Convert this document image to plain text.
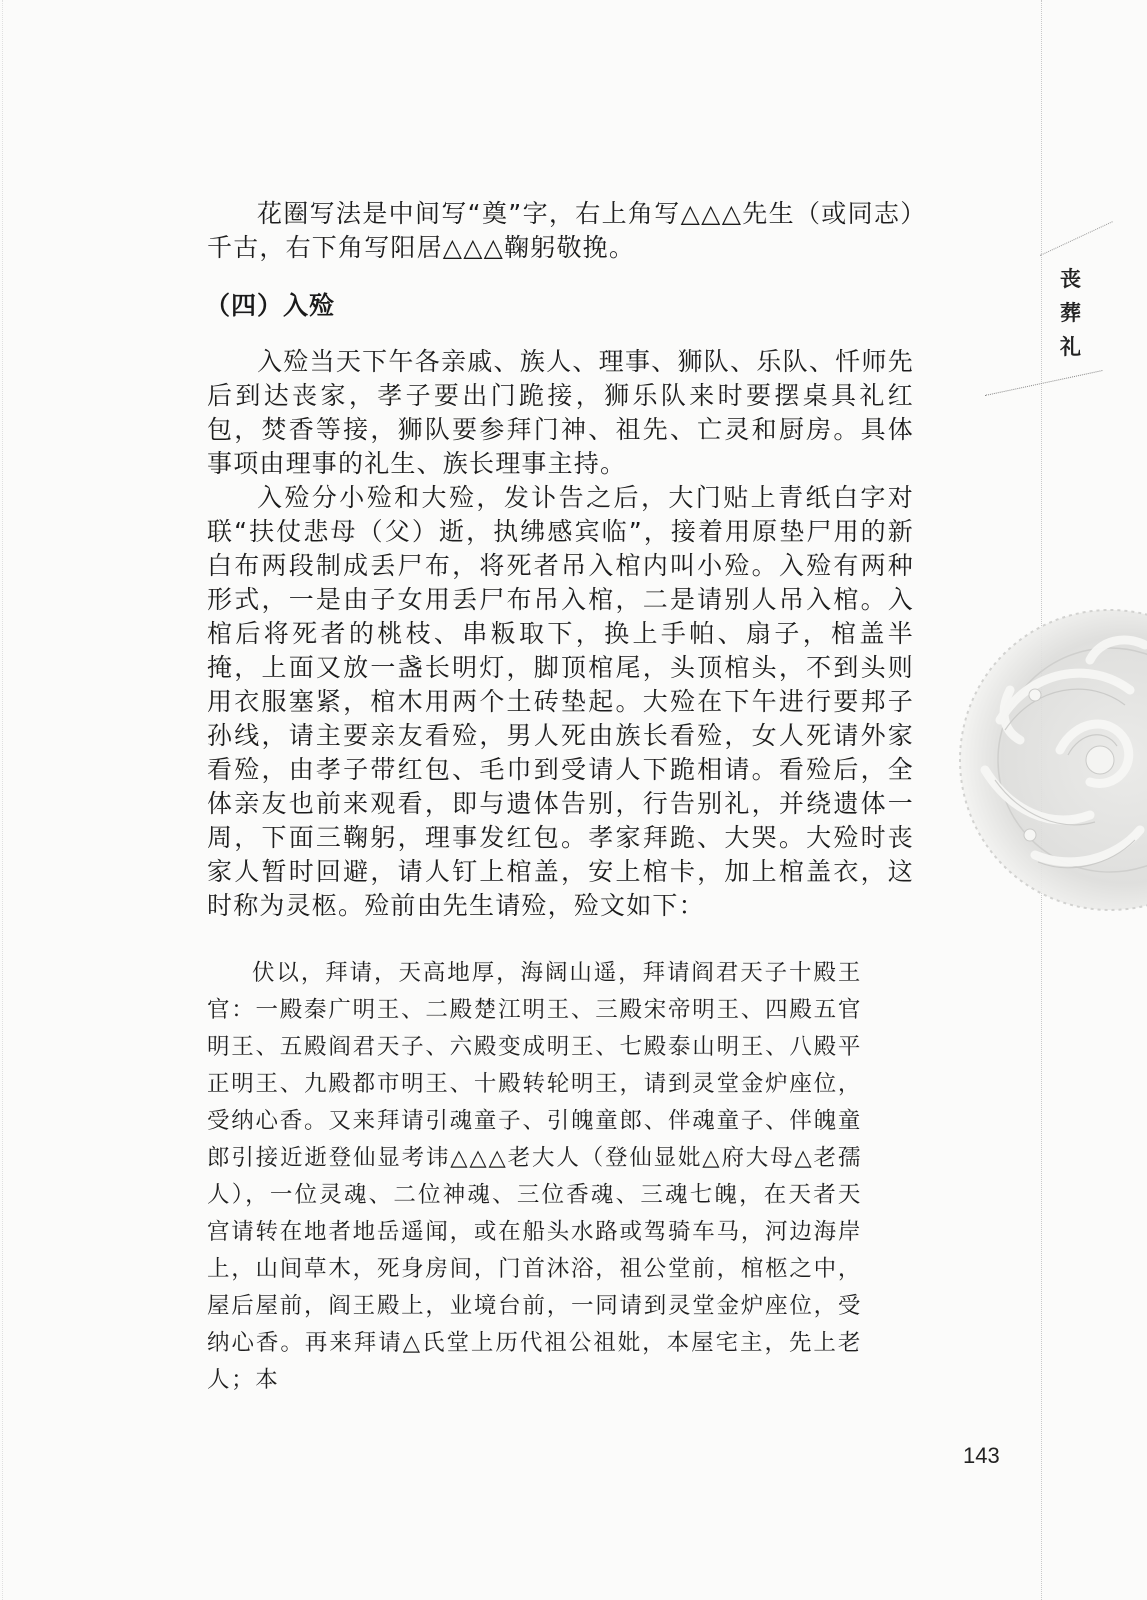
丧
葬
礼

花圈写法是中间写“奠”字，右上角写△△△先生（或同志）千古，右下角写阳居△△△鞠躬敬挽。

（四）入殓

入殓当天下午各亲戚、族人、理事、狮队、乐队、忏师先后到达丧家，孝子要出门跪接，狮乐队来时要摆桌具礼红包，焚香等接，狮队要参拜门神、祖先、亡灵和厨房。具体事项由理事的礼生、族长理事主持。

入殓分小殓和大殓，发讣告之后，大门贴上青纸白字对联“扶仗悲母（父）逝，执绋感宾临”，接着用原垫尸用的新白布两段制成丢尸布，将死者吊入棺内叫小殓。入殓有两种形式，一是由子女用丢尸布吊入棺，二是请别人吊入棺。入棺后将死者的桃枝、串粄取下，换上手帕、扇子，棺盖半掩，上面又放一盏长明灯，脚顶棺尾，头顶棺头，不到头则用衣服塞紧，棺木用两个土砖垫起。大殓在下午进行要邦子孙线，请主要亲友看殓，男人死由族长看殓，女人死请外家看殓，由孝子带红包、毛巾到受请人下跪相请。看殓后，全体亲友也前来观看，即与遗体告别，行告别礼，并绕遗体一周，下面三鞠躬，理事发红包。孝家拜跪、大哭。大殓时丧家人暂时回避，请人钉上棺盖，安上棺卡，加上棺盖衣，这时称为灵柩。殓前由先生请殓，殓文如下：

伏以，拜请，天高地厚，海阔山遥，拜请阎君天子十殿王官：一殿秦广明王、二殿楚江明王、三殿宋帝明王、四殿五官明王、五殿阎君天子、六殿变成明王、七殿泰山明王、八殿平正明王、九殿都市明王、十殿转轮明王，请到灵堂金炉座位，受纳心香。又来拜请引魂童子、引魄童郎、伴魂童子、伴魄童郎引接近逝登仙显考讳△△△老大人（登仙显妣△府大母△老孺人），一位灵魂、二位神魂、三位香魂、三魂七魄，在天者天宫请转在地者地岳遥闻，或在船头水路或驾骑车马，河边海岸上，山间草木，死身房间，门首沐浴，祖公堂前，棺柩之中，屋后屋前，阎王殿上，业境台前，一同请到灵堂金炉座位，受纳心香。再来拜请△氏堂上历代祖公祖妣，本屋宅主，先上老人；本

143
